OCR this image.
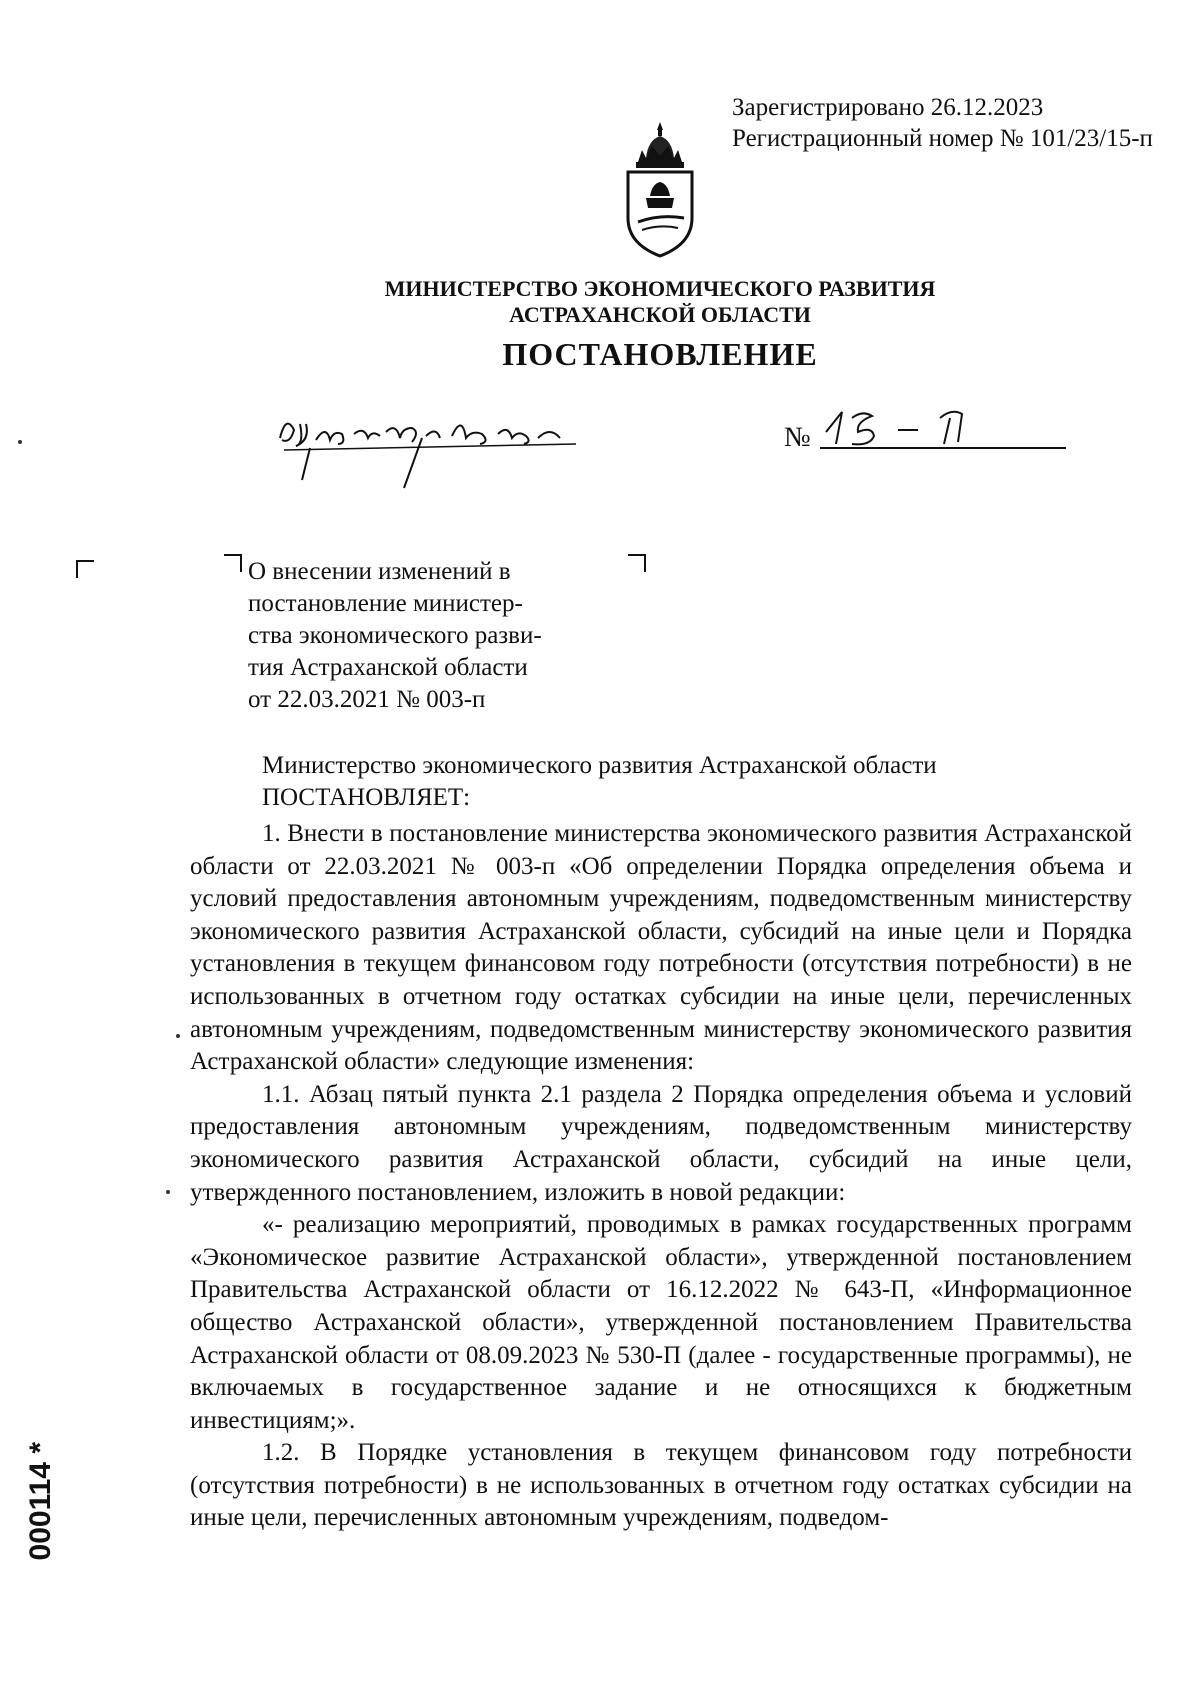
Зарегистрировано 26.12.2023
Регистрационный номер № 101/23/15-п
МИНИСТЕРСТВО ЭКОНОМИЧЕСКОГО РАЗВИТИЯ
АСТРАХАНСКОЙ ОБЛАСТИ
ПОСТАНОВЛЕНИЕ
№
О внесении изменений в
постановление министер-
ства экономического разви-
тия Астраханской области
от 22.03.2021 № 003-п
Министерство экономического развития Астраханской области
ПОСТАНОВЛЯЕТ:

1. Внести в постановление министерства экономического развития Астраханской области от 22.03.2021 № 003-п «Об определении Порядка определения объема и условий предоставления автономным учреждениям, подведомственным министерству экономического развития Астраханской области, субсидий на иные цели и Порядка установления в текущем финансовом году потребности (отсутствия потребности) в не использованных в отчетном году остатках субсидии на иные цели, перечисленных автономным учреждениям, подведомственным министерству экономического развития Астраханской области» следующие изменения:

1.1. Абзац пятый пункта 2.1 раздела 2 Порядка определения объема и условий предоставления автономным учреждениям, подведомственным министерству экономического развития Астраханской области, субсидий на иные цели, утвержденного постановлением, изложить в новой редакции:

«- реализацию мероприятий, проводимых в рамках государственных программ «Экономическое развитие Астраханской области», утвержденной постановлением Правительства Астраханской области от 16.12.2022 № 643-П, «Информационное общество Астраханской области», утвержденной постановлением Правительства Астраханской области от 08.09.2023 № 530-П (далее - государственные программы), не включаемых в государственное задание и не относящихся к бюджетным инвестициям;».

1.2. В Порядке установления в текущем финансовом году потребности (отсутствия потребности) в не использованных в отчетном году остатках субсидии на иные цели, перечисленных автономным учреждениям, подведом-

000114 *
